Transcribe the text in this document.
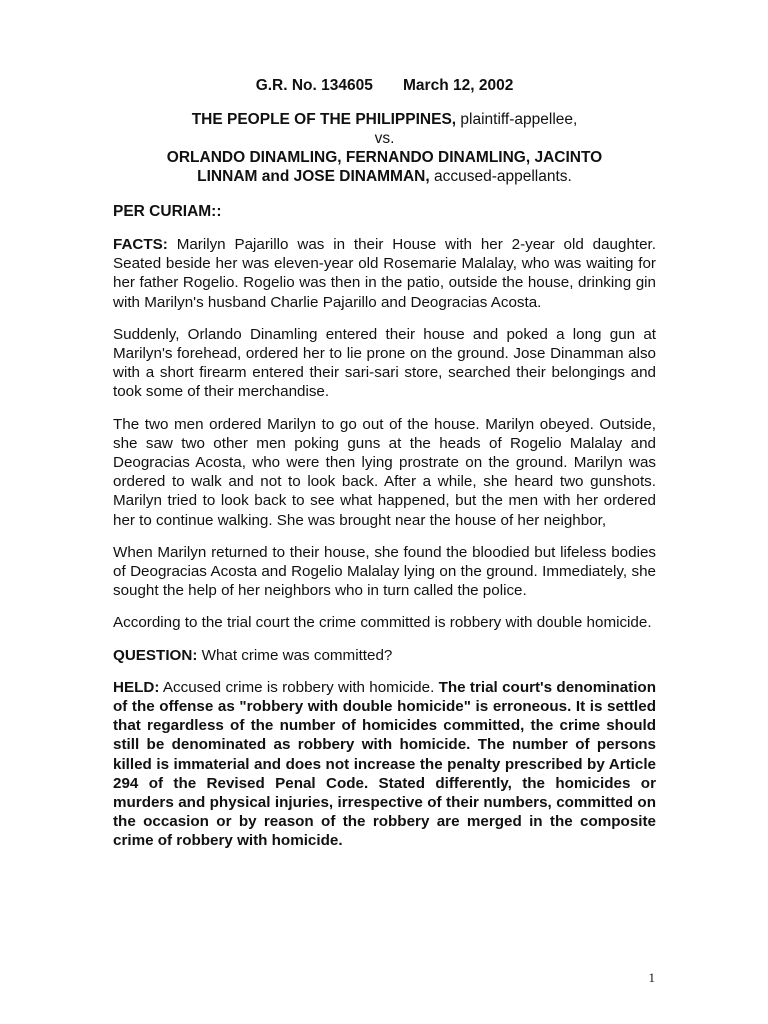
G.R. No. 134605 March 12, 2002
THE PEOPLE OF THE PHILIPPINES, plaintiff-appellee,
vs.
ORLANDO DINAMLING, FERNANDO DINAMLING, JACINTO
LINNAM and JOSE DINAMMAN, accused-appellants.
PER CURIAM::

FACTS: Marilyn Pajarillo was in their House with her 2-year old daughter. Seated beside her was eleven-year old Rosemarie Malalay, who was waiting for her father Rogelio. Rogelio was then in the patio, outside the house, drinking gin with Marilyn's husband Charlie Pajarillo and Deogracias Acosta.

Suddenly, Orlando Dinamling entered their house and poked a long gun at Marilyn's forehead, ordered her to lie prone on the ground. Jose Dinamman also with a short firearm entered their sari-sari store, searched their belongings and took some of their merchandise.

The two men ordered Marilyn to go out of the house. Marilyn obeyed. Outside, she saw two other men poking guns at the heads of Rogelio Malalay and Deogracias Acosta, who were then lying prostrate on the ground. Marilyn was ordered to walk and not to look back. After a while, she heard two gunshots. Marilyn tried to look back to see what happened, but the men with her ordered her to continue walking. She was brought near the house of her neighbor,

When Marilyn returned to their house, she found the bloodied but lifeless bodies of Deogracias Acosta and Rogelio Malalay lying on the ground. Immediately, she sought the help of her neighbors who in turn called the police.

According to the trial court the crime committed is robbery with double homicide.

QUESTION: What crime was committed?

HELD: Accused crime is robbery with homicide. The trial court's denomination of the offense as "robbery with double homicide" is erroneous. It is settled that regardless of the number of homicides committed, the crime should still be denominated as robbery with homicide. The number of persons killed is immaterial and does not increase the penalty prescribed by Article 294 of the Revised Penal Code. Stated differently, the homicides or murders and physical injuries, irrespective of their numbers, committed on the occasion or by reason of the robbery are merged in the composite crime of robbery with homicide.

1
